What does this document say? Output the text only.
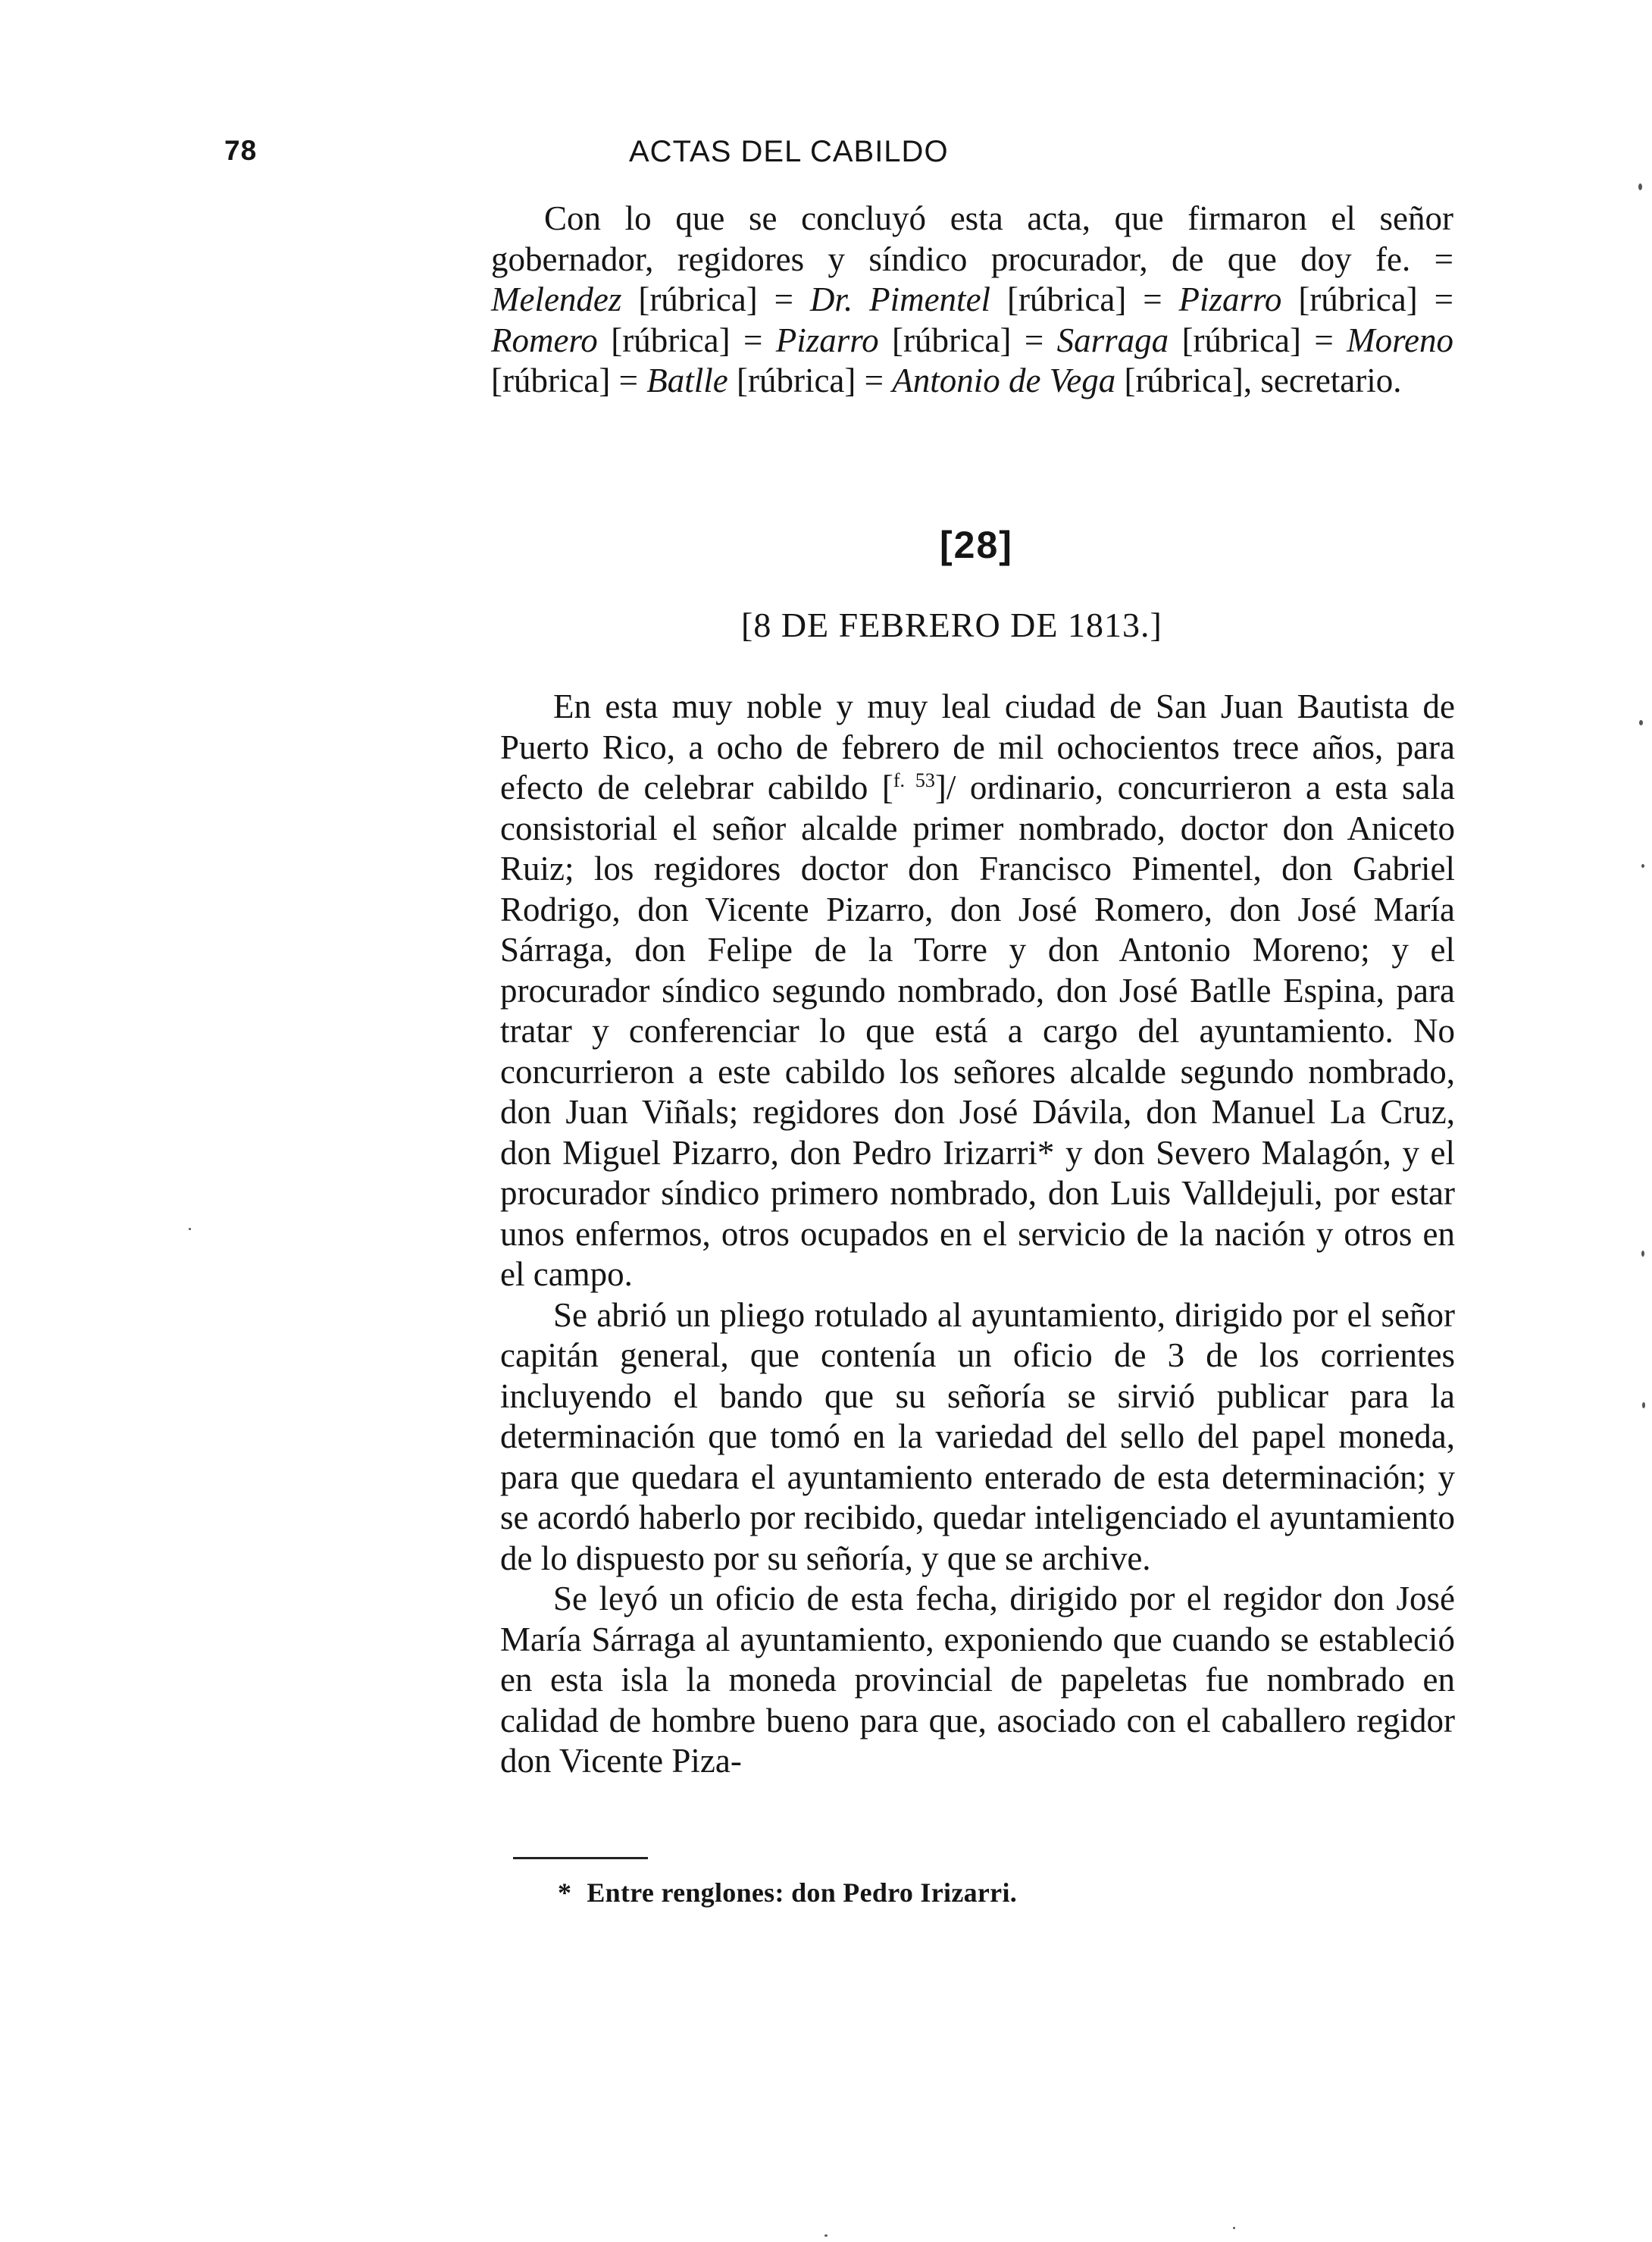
78	ACTAS DEL CABILDO

Con lo que se concluyó esta acta, que firmaron el señor gobernador, regidores y síndico procurador, de que doy fe. = Melendez [rúbrica] = Dr. Pimentel [rúbrica] = Pizarro [rúbrica] = Romero [rúbrica] = Pizarro [rúbrica] = Sarraga [rúbrica] = Moreno [rúbrica] = Batlle [rúbrica] = Antonio de Vega [rúbrica], secretario.

[28]
[8 DE FEBRERO DE 1813.]

En esta muy noble y muy leal ciudad de San Juan Bautista de Puerto Rico, a ocho de febrero de mil ochocientos trece años, para efecto de celebrar cabildo [$^{f. 53}$]/ ordinario, concurrieron a esta sala consistorial el señor alcalde primer nombrado, doctor don Aniceto Ruiz; los regidores doctor don Francisco Pimentel, don Gabriel Rodrigo, don Vicente Pizarro, don José Romero, don José María Sárraga, don Felipe de la Torre y don Antonio Moreno; y el procurador síndico segundo nombrado, don José Batlle Espina, para tratar y conferenciar lo que está a cargo del ayuntamiento. No concurrieron a este cabildo los señores alcalde segundo nombrado, don Juan Viñals; regidores don José Dávila, don Manuel La Cruz, don Miguel Pizarro, don Pedro Irizarri* y don Severo Malagón, y el procurador síndico primero nombrado, don Luis Valldejuli, por estar unos enfermos, otros ocupados en el servicio de la nación y otros en el campo.

Se abrió un pliego rotulado al ayuntamiento, dirigido por el señor capitán general, que contenía un oficio de 3 de los corrientes incluyendo el bando que su señoría se sirvió publicar para la determinación que tomó en la variedad del sello del papel moneda, para que quedara el ayuntamiento enterado de esta determinación; y se acordó haberlo por recibido, quedar inteligenciado el ayuntamiento de lo dispuesto por su señoría, y que se archive.

Se leyó un oficio de esta fecha, dirigido por el regidor don José María Sárraga al ayuntamiento, exponiendo que cuando se estableció en esta isla la moneda provincial de papeletas fue nombrado en calidad de hombre bueno para que, asociado con el caballero regidor don Vicente Piza-

* Entre renglones: don Pedro Irizarri.
